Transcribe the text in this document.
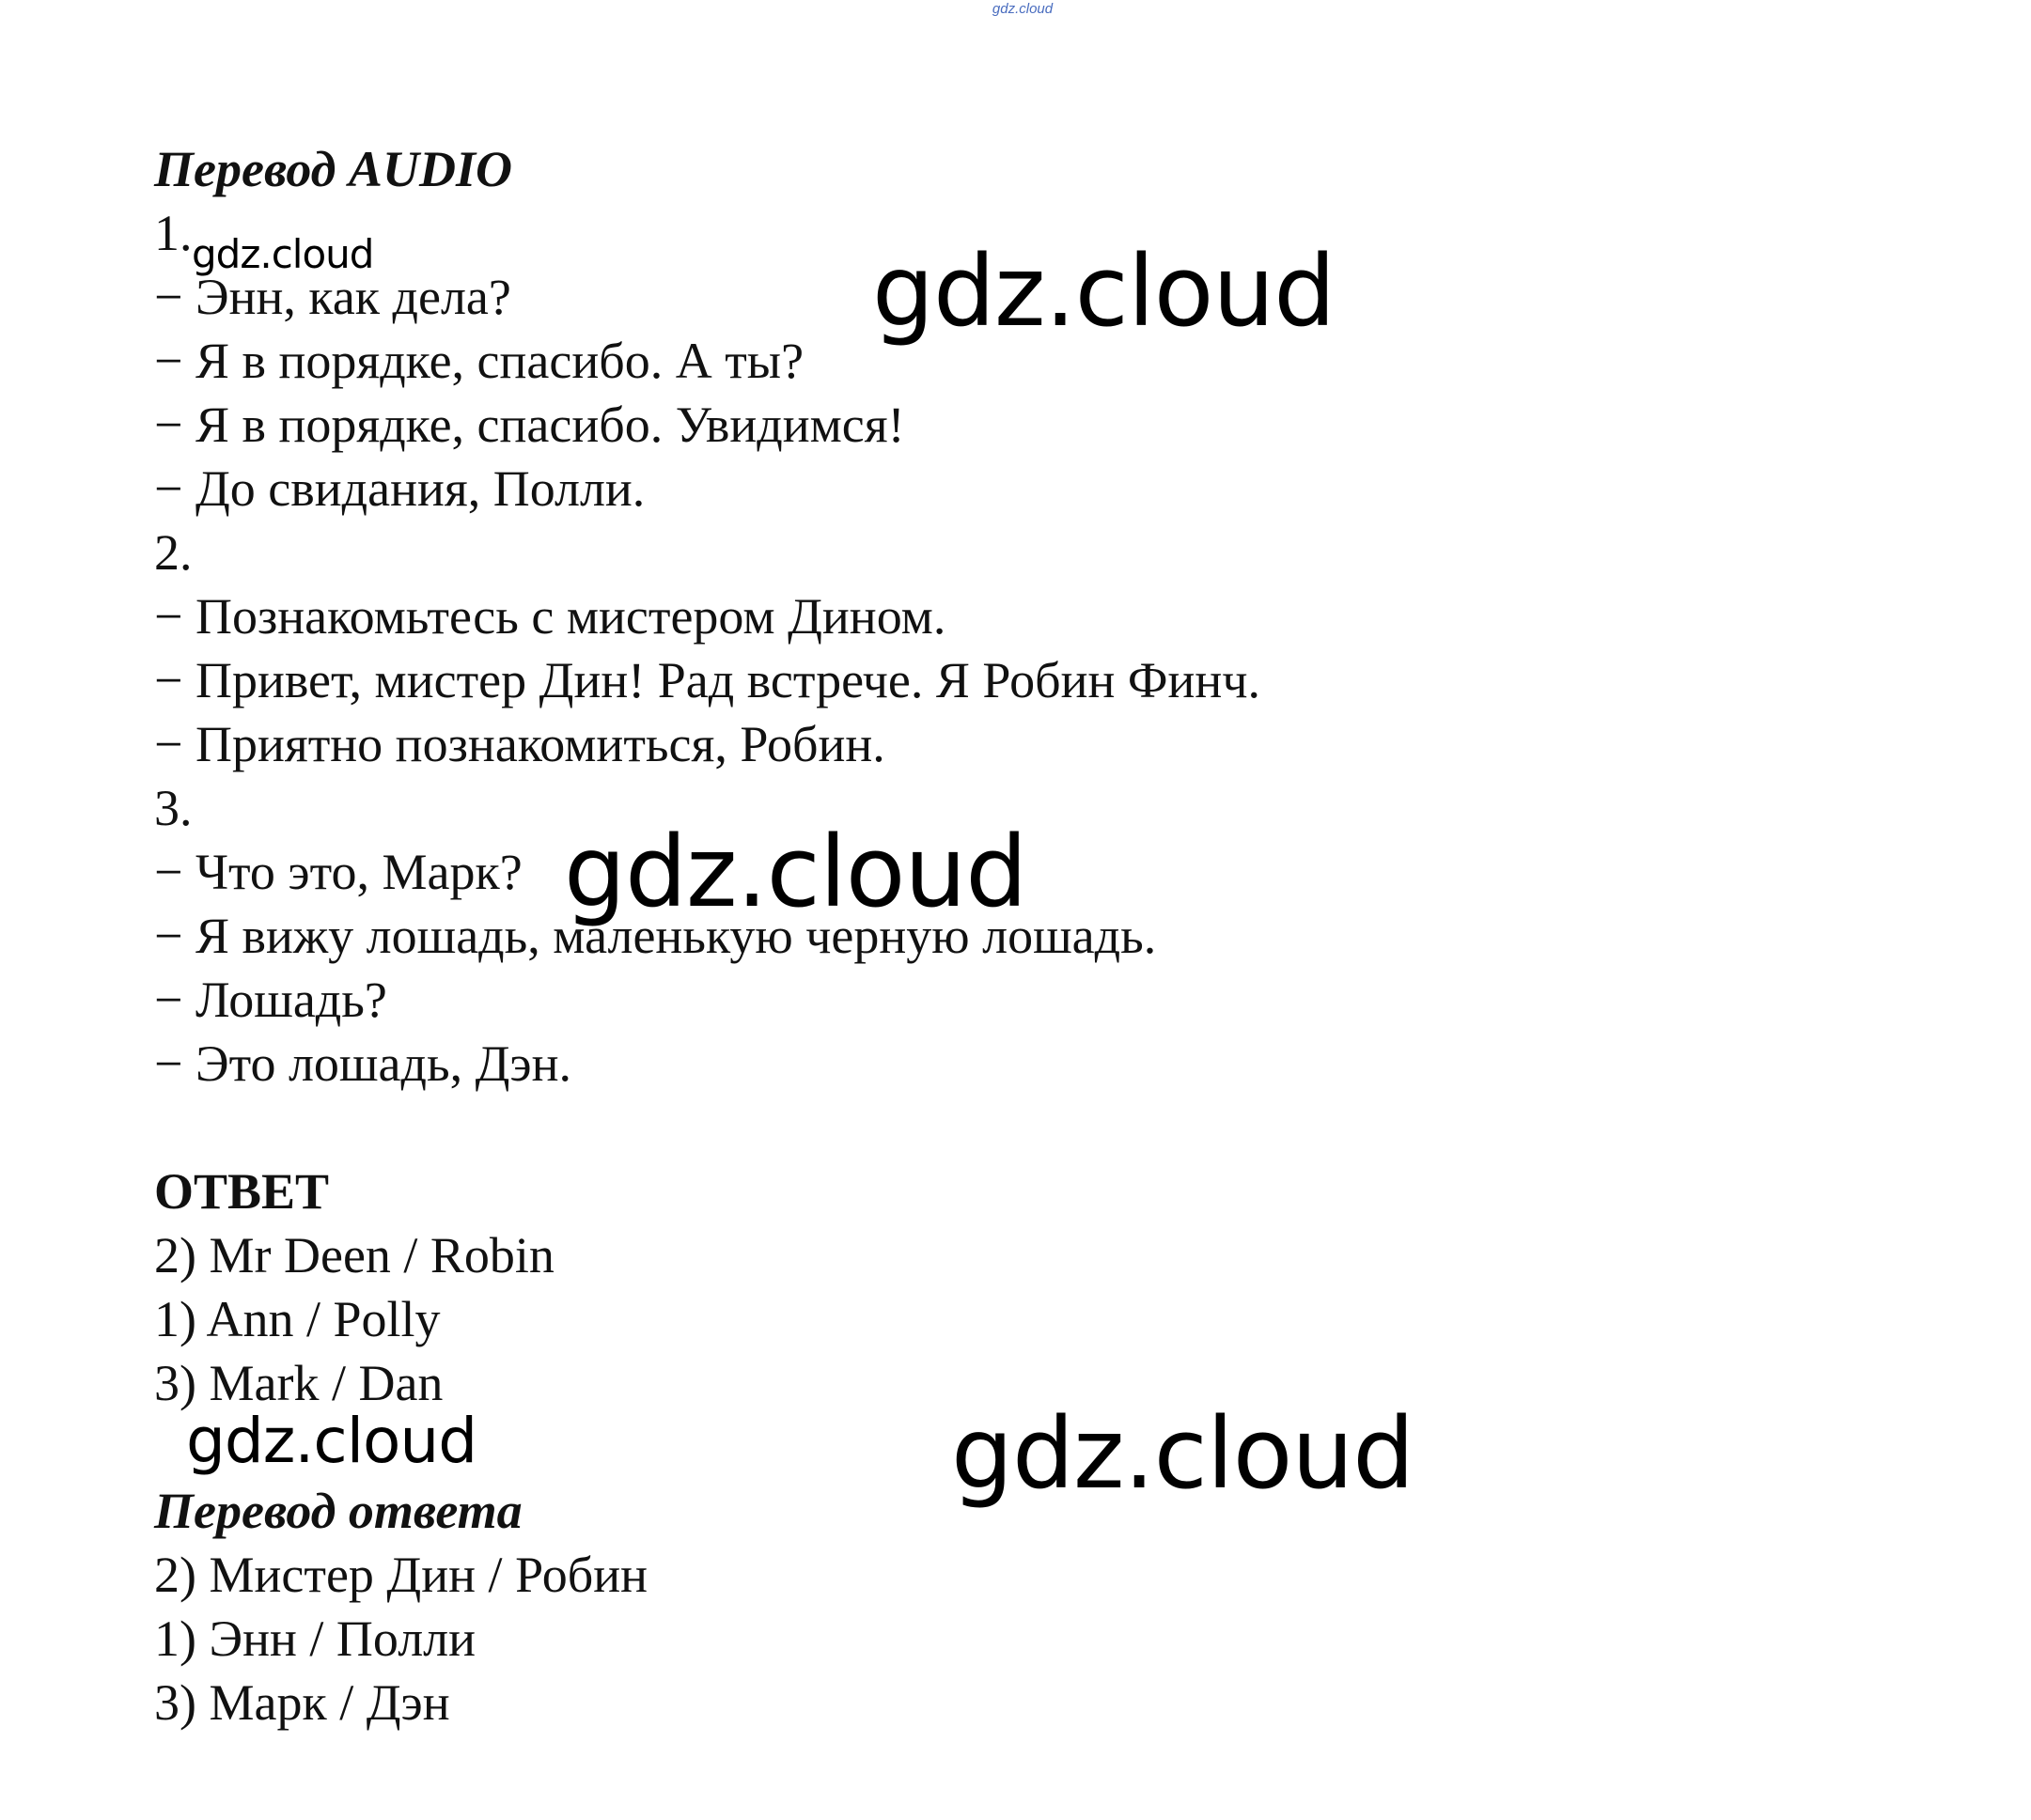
gdz.cloud
Перевод AUDIO
1.
− Энн, как дела?
− Я в порядке, спасибо. А ты?
− Я в порядке, спасибо. Увидимся!
− До свидания, Полли.
2.
− Познакомьтесь с мистером Дином.
− Привет, мистер Дин! Рад встрече. Я Робин Финч.
− Приятно познакомиться, Робин.
3.
− Что это, Марк?
− Я вижу лошадь, маленькую черную лошадь.
− Лошадь?
− Это лошадь, Дэн.
ОТВЕТ
2) Mr Deen / Robin
1) Ann / Polly
3) Mark / Dan
Перевод ответа
2) Мистер Дин / Робин
1) Энн / Полли
3) Марк / Дэн
gdz.cloud	gdz.cloud
gdz.cloud
gdz.cloud	gdz.cloud
